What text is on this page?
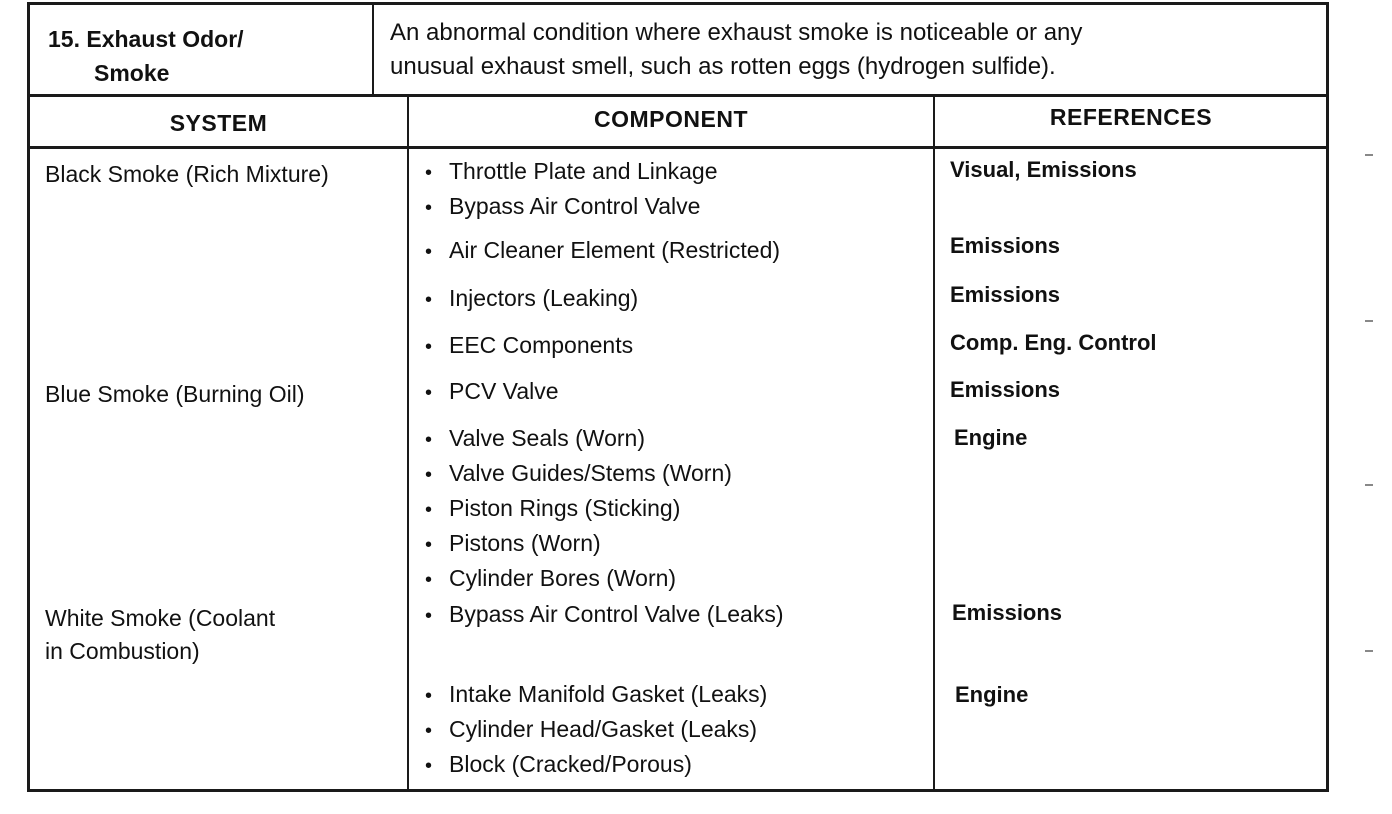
15. Exhaust Odor/
Smoke
An abnormal condition where exhaust smoke is noticeable or any
unusual exhaust smell, such as rotten eggs (hydrogen sulfide).
SYSTEM	COMPONENT	REFERENCES
Black Smoke (Rich Mixture)
Blue Smoke (Burning Oil)
White Smoke (Coolant
in Combustion)
• Throttle Plate and Linkage
• Bypass Air Control Valve
• Air Cleaner Element (Restricted)
• Injectors (Leaking)
• EEC Components
• PCV Valve
• Valve Seals (Worn)
• Valve Guides/Stems (Worn)
• Piston Rings (Sticking)
• Pistons (Worn)
• Cylinder Bores (Worn)
• Bypass Air Control Valve (Leaks)
• Intake Manifold Gasket (Leaks)
• Cylinder Head/Gasket (Leaks)
• Block (Cracked/Porous)
Visual, Emissions
Emissions
Emissions
Comp. Eng. Control
Emissions
Engine
Emissions
Engine
